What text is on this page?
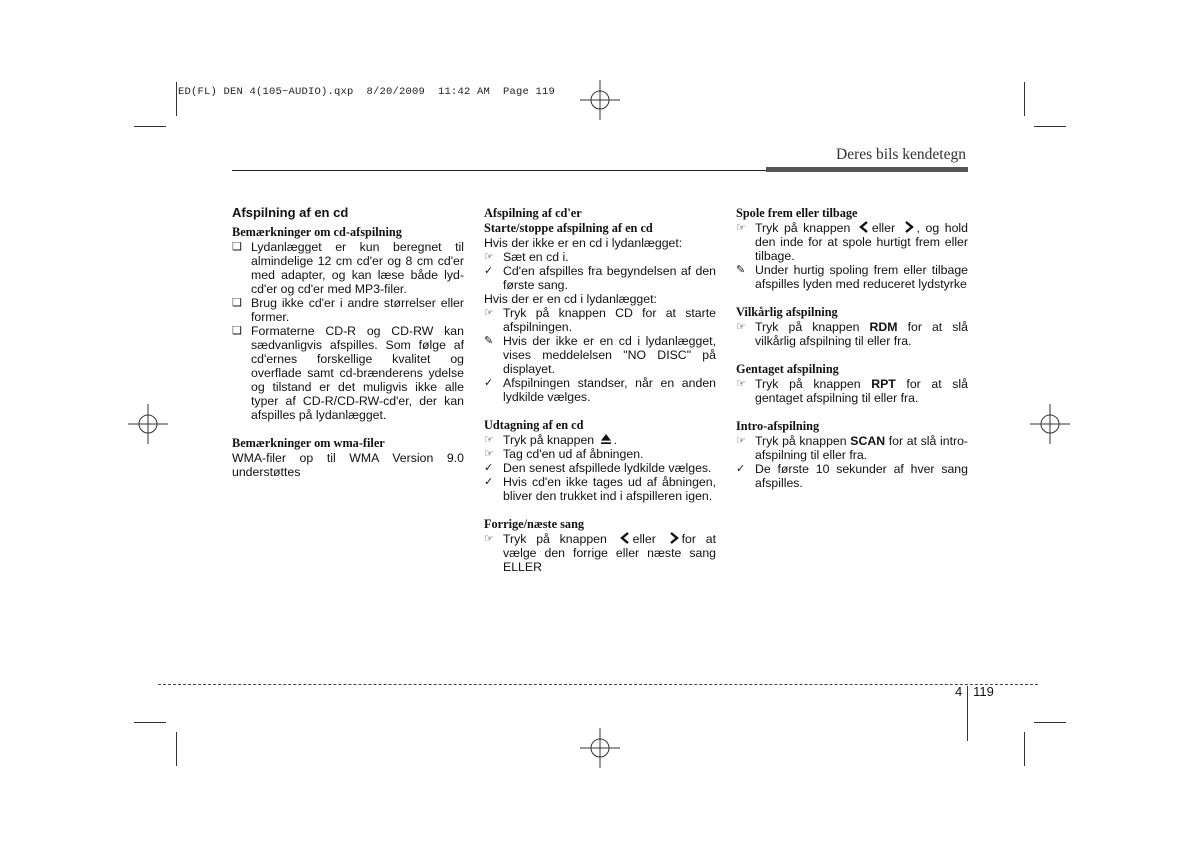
ED(FL) DEN 4(105~AUDIO).qxp  8/20/2009  11:42 AM  Page 119
Deres bils kendetegn
Afspilning af en cd
Bemærkninger om cd-afspilning
❑ Lydanlægget er kun beregnet til almindelige 12 cm cd'er og 8 cm cd'er med adapter, og kan læse både lyd-cd'er og cd'er med MP3-filer.
❑ Brug ikke cd'er i andre størrelser eller former.
❑ Formaterne CD-R og CD-RW kan sædvanligvis afspilles. Som følge af cd'ernes forskellige kvalitet og overflade samt cd-brænderens ydelse og tilstand er det muligvis ikke alle typer af CD-R/CD-RW-cd'er, der kan afspilles på lydanlægget.
Bemærkninger om wma-filer
WMA-filer op til WMA Version 9.0 understøttes
Afspilning af cd'er
Starte/stoppe afspilning af en cd
Hvis der ikke er en cd i lydanlægget:
☞ Sæt en cd i.
✓ Cd'en afspilles fra begyndelsen af den første sang.
Hvis der er en cd i lydanlægget:
☞ Tryk på knappen CD for at starte afspilningen.
✎ Hvis der ikke er en cd i lydanlægget, vises meddelelsen "NO DISC" på displayet.
✓ Afspilningen standser, når en anden lydkilde vælges.
Udtagning af en cd
☞ Tryk på knappen .
☞ Tag cd'en ud af åbningen.
✓ Den senest afspillede lydkilde vælges.
✓ Hvis cd'en ikke tages ud af åbningen, bliver den trukket ind i afspilleren igen.
Forrige/næste sang
☞ Tryk på knappen eller for at vælge den forrige eller næste sang ELLER
Spole frem eller tilbage
☞ Tryk på knappen eller , og hold den inde for at spole hurtigt frem eller tilbage.
✎ Under hurtig spoling frem eller tilbage afspilles lyden med reduceret lydstyrke
Vilkårlig afspilning
☞ Tryk på knappen RDM for at slå vilkårlig afspilning til eller fra.
Gentaget afspilning
☞ Tryk på knappen RPT for at slå gentaget afspilning til eller fra.
Intro-afspilning
☞ Tryk på knappen SCAN for at slå intro-afspilning til eller fra.
✓ De første 10 sekunder af hver sang afspilles.
4 119
